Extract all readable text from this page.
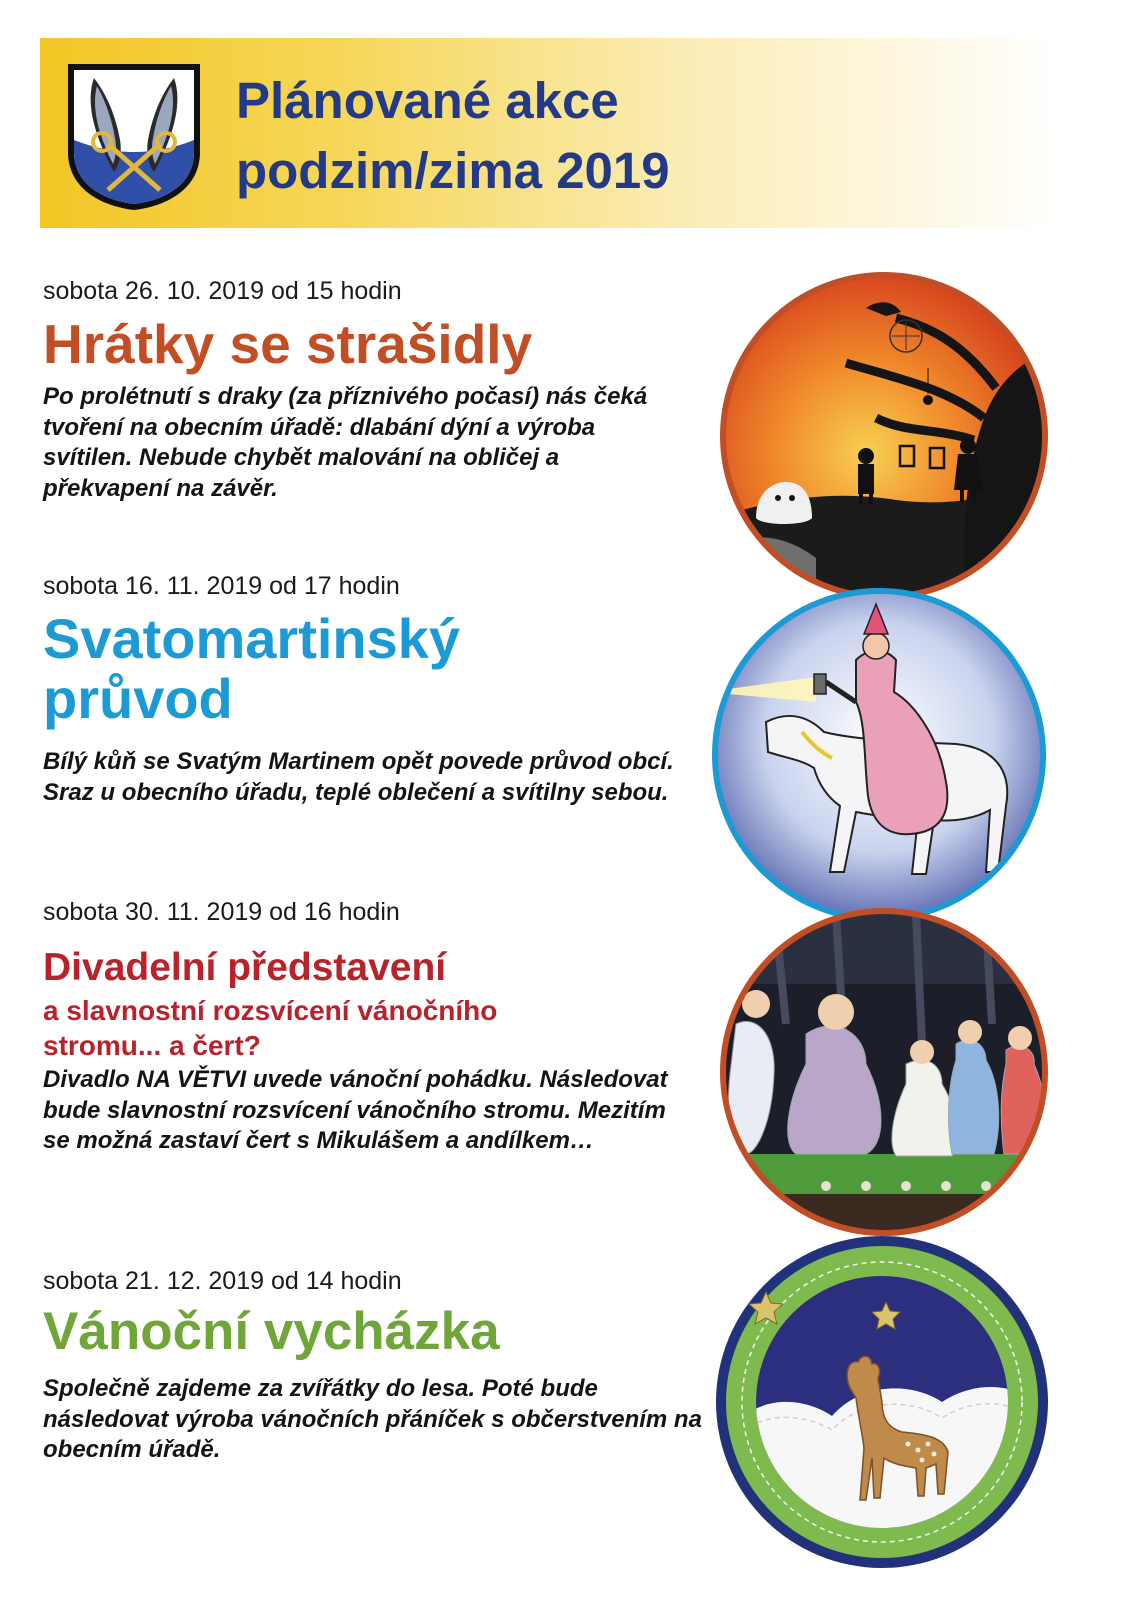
Plánované akce
podzim/zima 2019

sobota 26. 10. 2019 od 15 hodin

Hrátky se strašidly

Po prolétnutí s draky (za příznivého počasí) nás čeká tvoření na obecním úřadě: dlabání dýní a výroba svítilen. Nebude chybět malování na obličej a překvapení na závěr.

sobota 16. 11. 2019 od 17 hodin

Svatomartinský
průvod

Bílý kůň se Svatým Martinem opět povede průvod obcí. Sraz u obecního úřadu, teplé oblečení a svítilny sebou.

sobota 30. 11. 2019 od 16 hodin

Divadelní představení

a slavnostní rozsvícení vánočního

stromu... a čert?

Divadlo NA VĚTVI uvede vánoční pohádku. Následovat bude slavnostní rozsvícení vánočního stromu. Mezitím se možná zastaví čert s Mikulášem a andílkem…

sobota 21. 12. 2019 od 14 hodin

Vánoční vycházka

Společně zajdeme za zvířátky do lesa. Poté bude následovat výroba vánočních přáníček s občerstvením na obecním úřadě.
